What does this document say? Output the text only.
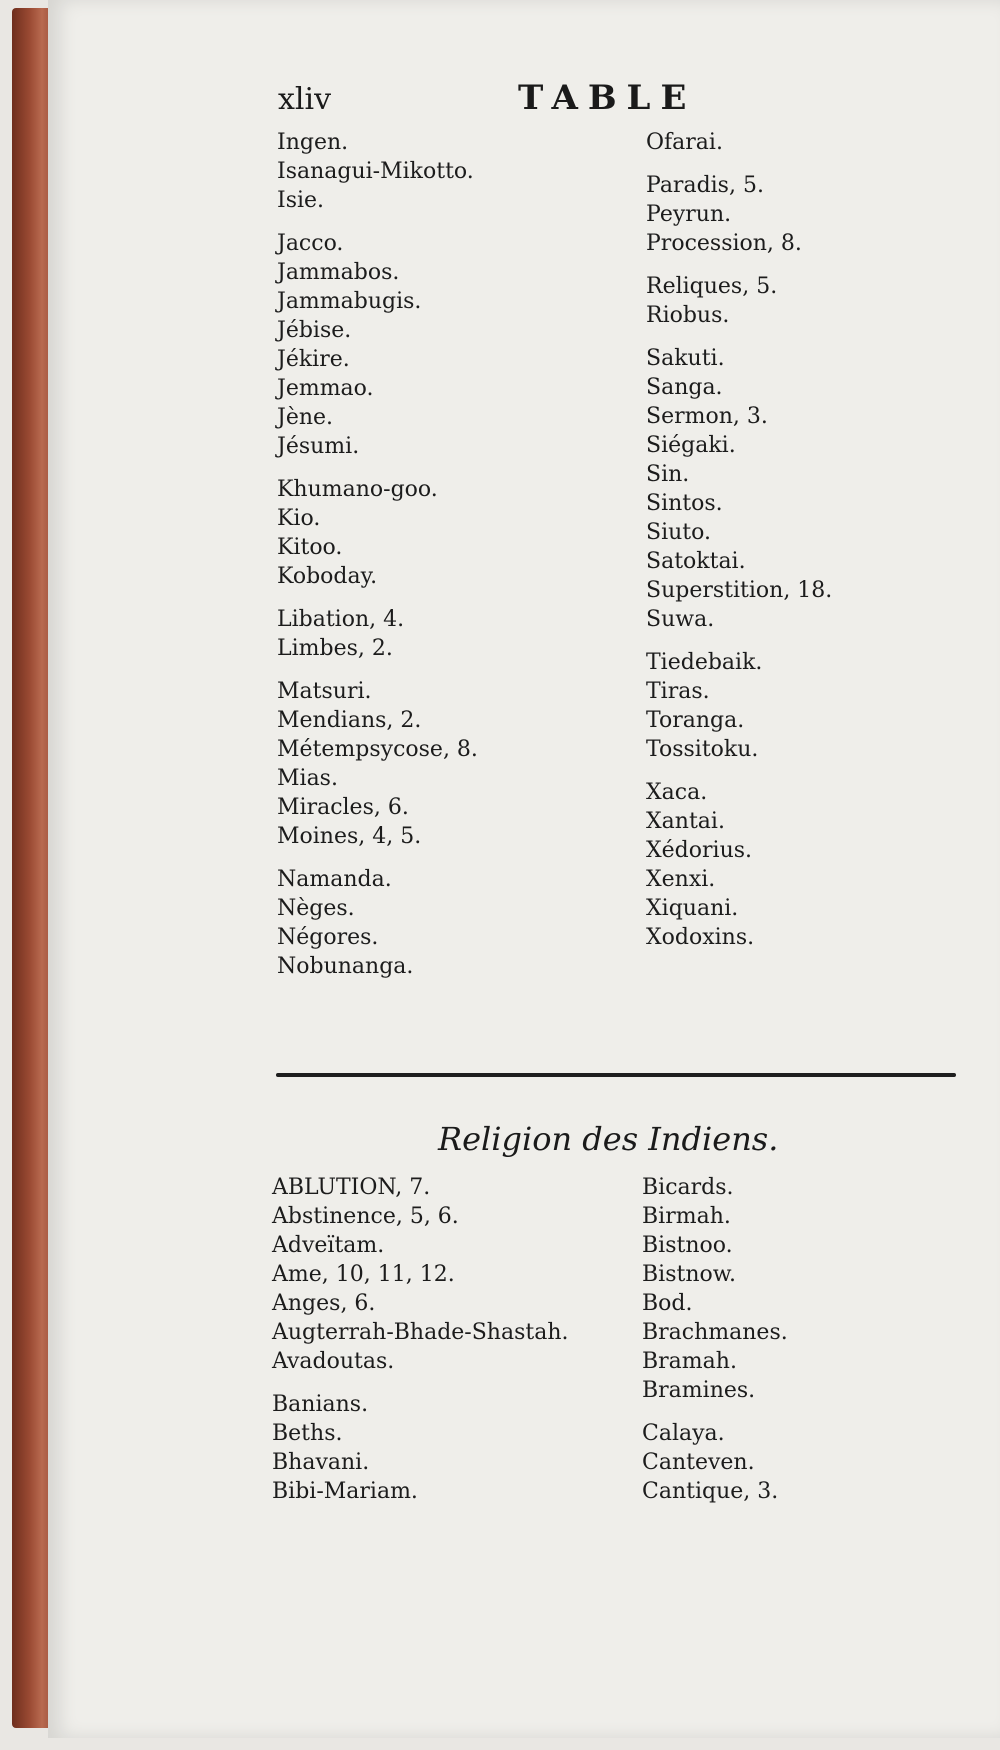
xliv	TABLE
Ingen.
Isanagui-Mikotto.
Isie.
Jacco.
Jammabos.
Jammabugis.
Jébise.
Jékire.
Jemmao.
Jène.
Jésumi.
Khumano-goo.
Kio.
Kitoo.
Koboday.
Libation, 4.
Limbes, 2.
Matsuri.
Mendians, 2.
Métempsycose, 8.
Mias.
Miracles, 6.
Moines, 4, 5.
Namanda.
Nèges.
Négores.
Nobunanga.
Ofarai.
Paradis, 5.
Peyrun.
Procession, 8.
Reliques, 5.
Riobus.
Sakuti.
Sanga.
Sermon, 3.
Siégaki.
Sin.
Sintos.
Siuto.
Satoktai.
Superstition, 18.
Suwa.
Tiedebaik.
Tiras.
Toranga.
Tossitoku.
Xaca.
Xantai.
Xédorius.
Xenxi.
Xiquani.
Xodoxins.
Religion des Indiens.
ABLUTION, 7.
Abstinence, 5, 6.
Adveïtam.
Ame, 10, 11, 12.
Anges, 6.
Augterrah-Bhade-Shastah.
Avadoutas.
Banians.
Beths.
Bhavani.
Bibi-Mariam.
Bicards.
Birmah.
Bistnoo.
Bistnow.
Bod.
Brachmanes.
Bramah.
Bramines.
Calaya.
Canteven.
Cantique, 3.
